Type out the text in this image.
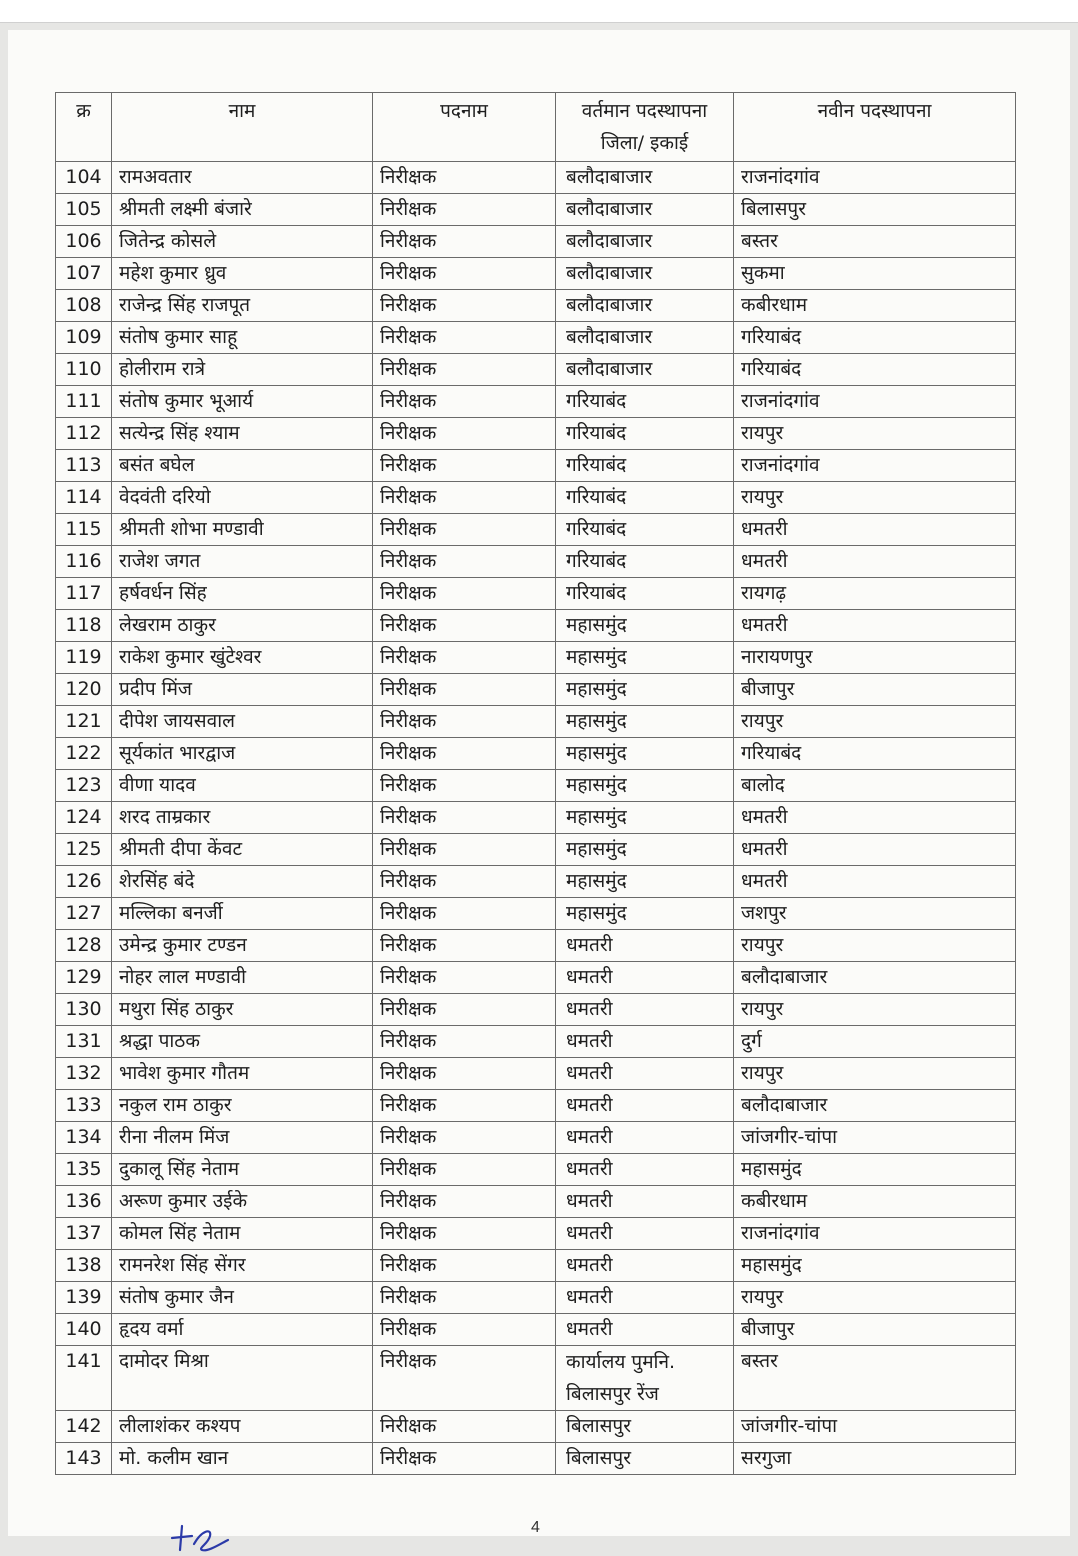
क्र	नाम	पदनाम	वर्तमान पदस्थापना जिला/ इकाई	नवीन पदस्थापना
104	रामअवतार	निरीक्षक	बलौदाबाजार	राजनांदगांव
105	श्रीमती लक्ष्मी बंजारे	निरीक्षक	बलौदाबाजार	बिलासपुर
106	जितेन्द्र कोसले	निरीक्षक	बलौदाबाजार	बस्तर
107	महेश कुमार ध्रुव	निरीक्षक	बलौदाबाजार	सुकमा
108	राजेन्द्र सिंह राजपूत	निरीक्षक	बलौदाबाजार	कबीरधाम
109	संतोष कुमार साहू	निरीक्षक	बलौदाबाजार	गरियाबंद
110	होलीराम रात्रे	निरीक्षक	बलौदाबाजार	गरियाबंद
111	संतोष कुमार भूआर्य	निरीक्षक	गरियाबंद	राजनांदगांव
112	सत्येन्द्र सिंह श्याम	निरीक्षक	गरियाबंद	रायपुर
113	बसंत बघेल	निरीक्षक	गरियाबंद	राजनांदगांव
114	वेदवंती दरियो	निरीक्षक	गरियाबंद	रायपुर
115	श्रीमती शोभा मण्डावी	निरीक्षक	गरियाबंद	धमतरी
116	राजेश जगत	निरीक्षक	गरियाबंद	धमतरी
117	हर्षवर्धन सिंह	निरीक्षक	गरियाबंद	रायगढ़
118	लेखराम ठाकुर	निरीक्षक	महासमुंद	धमतरी
119	राकेश कुमार खुंटेश्वर	निरीक्षक	महासमुंद	नारायणपुर
120	प्रदीप मिंज	निरीक्षक	महासमुंद	बीजापुर
121	दीपेश जायसवाल	निरीक्षक	महासमुंद	रायपुर
122	सूर्यकांत भारद्वाज	निरीक्षक	महासमुंद	गरियाबंद
123	वीणा यादव	निरीक्षक	महासमुंद	बालोद
124	शरद ताम्रकार	निरीक्षक	महासमुंद	धमतरी
125	श्रीमती दीपा केंवट	निरीक्षक	महासमुंद	धमतरी
126	शेरसिंह बंदे	निरीक्षक	महासमुंद	धमतरी
127	मल्लिका बनर्जी	निरीक्षक	महासमुंद	जशपुर
128	उमेन्द्र कुमार टण्डन	निरीक्षक	धमतरी	रायपुर
129	नोहर लाल मण्डावी	निरीक्षक	धमतरी	बलौदाबाजार
130	मथुरा सिंह ठाकुर	निरीक्षक	धमतरी	रायपुर
131	श्रद्धा पाठक	निरीक्षक	धमतरी	दुर्ग
132	भावेश कुमार गौतम	निरीक्षक	धमतरी	रायपुर
133	नकुल राम ठाकुर	निरीक्षक	धमतरी	बलौदाबाजार
134	रीना नीलम मिंज	निरीक्षक	धमतरी	जांजगीर-चांपा
135	दुकालू सिंह नेताम	निरीक्षक	धमतरी	महासमुंद
136	अरूण कुमार उईके	निरीक्षक	धमतरी	कबीरधाम
137	कोमल सिंह नेताम	निरीक्षक	धमतरी	राजनांदगांव
138	रामनरेश सिंह सेंगर	निरीक्षक	धमतरी	महासमुंद
139	संतोष कुमार जैन	निरीक्षक	धमतरी	रायपुर
140	हृदय वर्मा	निरीक्षक	धमतरी	बीजापुर
141	दामोदर मिश्रा	निरीक्षक	कार्यालय पुमनि. बिलासपुर रेंज	बस्तर
142	लीलाशंकर कश्यप	निरीक्षक	बिलासपुर	जांजगीर-चांपा
143	मो. कलीम खान	निरीक्षक	बिलासपुर	सरगुजा
4
